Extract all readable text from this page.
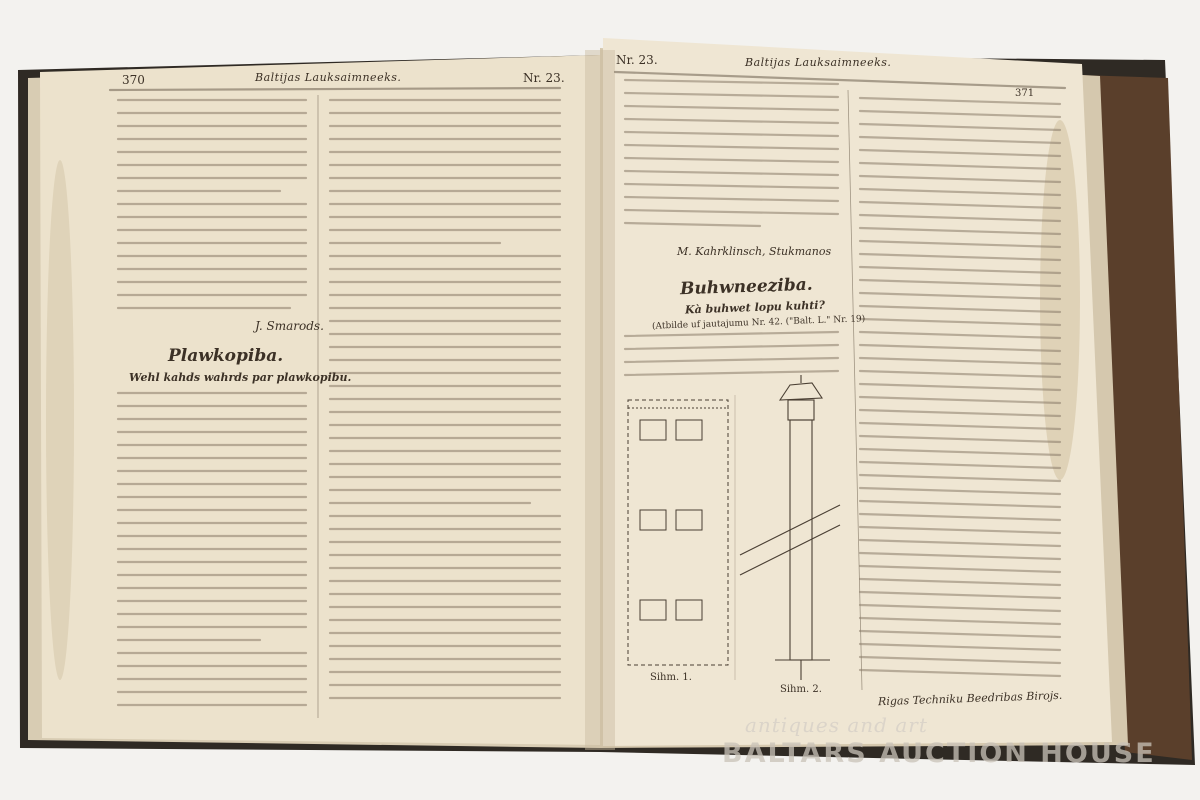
370	Baltijas Lauksaimneeks.	Nr. 23.

Nr. 23.	Baltijas Lauksaimneeks.

371

J. Smarods.

Plawkopiba.

Wehl kahds wahrds par plawkopibu.

M. Kahrklinsch, Stukmanos

Buhwneeziba.

Kà buhwet lopu kuhti?

(Atbilde uf jautajumu Nr. 42. ("Balt. L." Nr. 19)

Sihm. 1.

Sihm. 2.	Rigas Techniku Beedribas Birojs.

antiques and art

BALTARS AUCTION HOUSE
